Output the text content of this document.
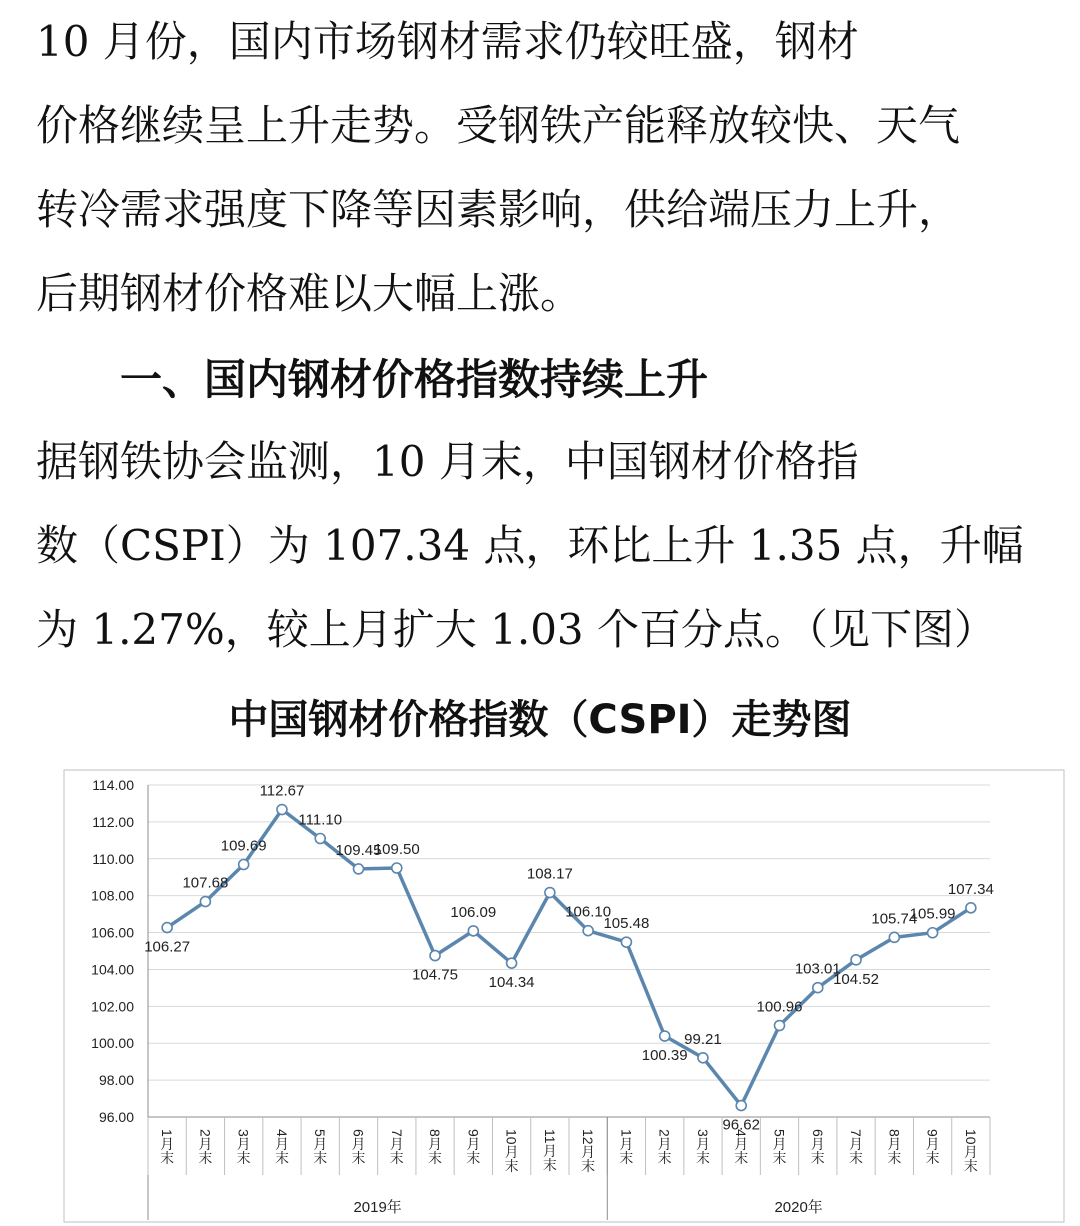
10 月份，国内市场钢材需求仍较旺盛，钢材
价格继续呈上升走势。受钢铁产能释放较快、天气
转冷需求强度下降等因素影响，供给端压力上升，
后期钢材价格难以大幅上涨。

一、国内钢材价格指数持续上升

据钢铁协会监测，10 月末，中国钢材价格指
数（CSPI）为 107.34 点，环比上升 1.35 点，升幅
为 1.27%，较上月扩大 1.03 个百分点。（见下图）

中国钢材价格指数（CSPI）走势图
96.00
98.00
100.00
102.00
104.00
106.00
108.00
110.00
112.00
114.00
1月末 2月末 3月末 4月末 5月末 6月末 7月末 8月末 9月末 10月末 11月末 12月末 1月末 2月末 3月末 4月末 5月末 6月末 7月末 8月末 9月末 10月末
2019年	2020年
106.27
107.68
109.69
112.67
111.10
109.45
109.50
104.75
106.09
104.34
108.17
106.10
105.48
100.39
99.21
96.62
100.96
103.01
104.52
105.74
105.99
107.34
